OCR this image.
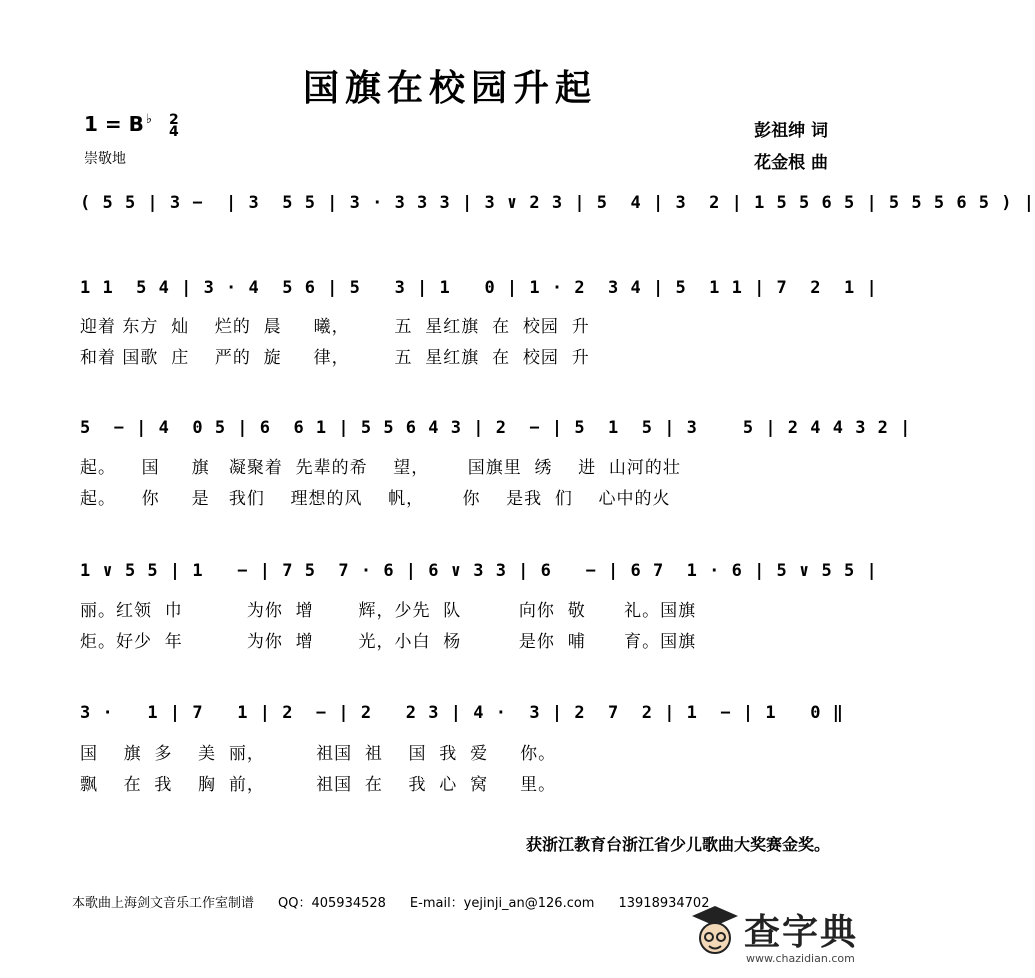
国旗在校园升起
1 = B ♭ 2
4
崇敬地
彭祖绅 词
花金根 曲
( 5 5 | 3 −  | 3  5 5 | 3 · 3 3 3 | 3 ∨ 2 3 | 5  4 | 3  2 | 1 5 5 6 5 | 5 5 5 6 5 ) |
1 1  5 4 | 3 · 4  5 6 | 5   3 | 1   0 | 1 · 2  3 4 | 5  1 1 | 7  2  1 |
迎着 东方  灿    烂的  晨     曦，       五  星红旗  在  校园  升
和着 国歌  庄    严的  旋     律，       五  星红旗  在  校园  升
5  − | 4  0 5 | 6  6 1 | 5 5 6 4 3 | 2  − | 5  1  5 | 3    5 | 2 4 4 3 2 |
起。    国     旗   凝聚着  先辈的希    望，      国旗里  绣    进  山河的壮
起。    你     是   我们    理想的风    帆，      你    是我  们    心中的火
1 ∨ 5 5 | 1   − | 7 5  7 · 6 | 6 ∨ 3 3 | 6   − | 6 7  1 · 6 | 5 ∨ 5 5 |
丽。红领  巾          为你  增       辉，少先  队         向你  敬      礼。国旗
炬。好少  年          为你  增       光，小白  杨         是你  哺      育。国旗
3 ·   1 | 7   1 | 2  − | 2   2 3 | 4 ·  3 | 2  7  2 | 1  − | 1   0 ‖
国    旗  多    美  丽，        祖国  祖    国  我  爱     你。
飘    在  我    胸  前，        祖国  在    我  心  窝     里。
获浙江教育台浙江省少儿歌曲大奖赛金奖。
本歌曲上海剑文音乐工作室制谱 QQ：405934528 E-mail：yejinji_an@126.com 13918934702
查字典
www.chazidian.com
